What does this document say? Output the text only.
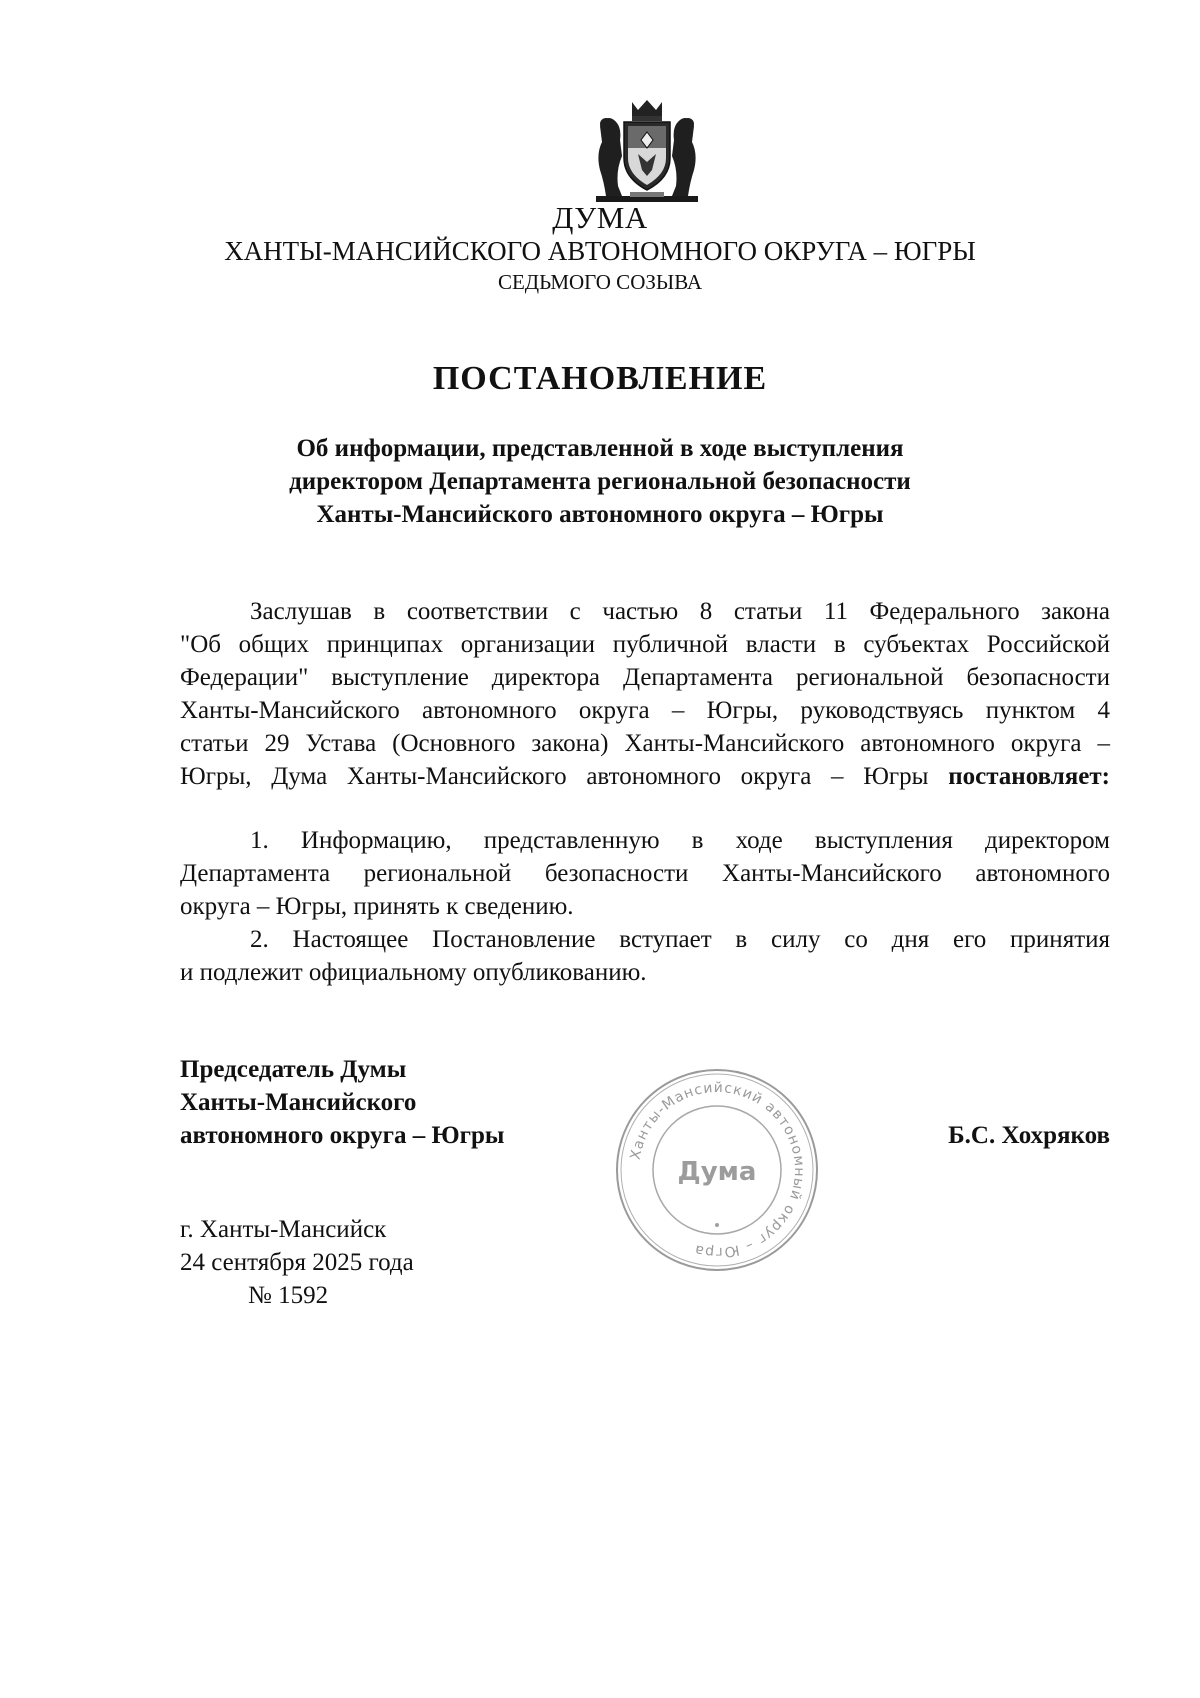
ДУМА
ХАНТЫ-МАНСИЙСКОГО АВТОНОМНОГО ОКРУГА – ЮГРЫ
СЕДЬМОГО СОЗЫВА
ПОСТАНОВЛЕНИЕ
Об информации, представленной в ходе выступления
директором Департамента региональной безопасности
Ханты-Мансийского автономного округа – Югры
Заслушав в соответствии с частью 8 статьи 11 Федерального закона
"Об общих принципах организации публичной власти в субъектах Российской
Федерации" выступление директора Департамента региональной безопасности
Ханты-Мансийского автономного округа – Югры, руководствуясь пунктом 4
статьи 29 Устава (Основного закона) Ханты-Мансийского автономного округа –
Югры, Дума Ханты-Мансийского автономного округа – Югры постановляет:
1. Информацию, представленную в ходе выступления директором
Департамента региональной безопасности Ханты-Мансийского автономного
округа – Югры, принять к сведению.
2. Настоящее Постановление вступает в силу со дня его принятия
и подлежит официальному опубликованию.
Председатель Думы
Ханты-Мансийского
автономного округа – Югры	Б.С. Хохряков
Ханты-Мансийский автономный округ – Югра
Дума
г. Ханты-Мансийск
24 сентября 2025 года
№ 1592
